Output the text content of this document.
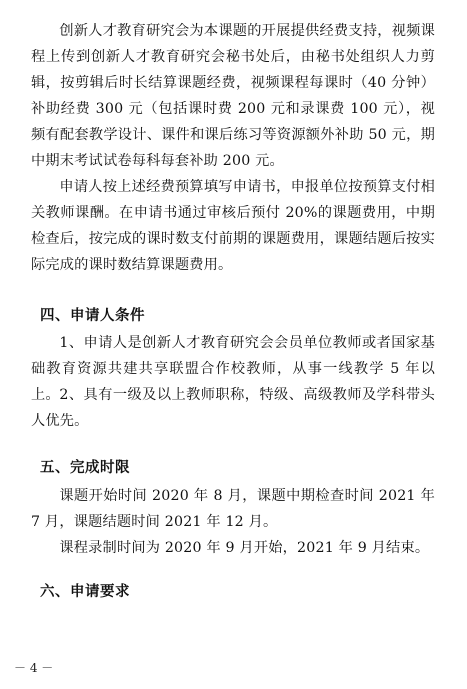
创新人才教育研究会为本课题的开展提供经费支持，视频课程上传到创新人才教育研究会秘书处后，由秘书处组织人力剪辑，按剪辑后时长结算课题经费，视频课程每课时（40 分钟）补助经费 300 元（包括课时费 200 元和录课费 100 元），视频有配套教学设计、课件和课后练习等资源额外补助 50 元，期中期末考试试卷每科每套补助 200 元。

申请人按上述经费预算填写申请书，申报单位按预算支付相关教师课酬。在申请书通过审核后预付 20%的课题费用，中期检查后，按完成的课时数支付前期的课题费用，课题结题后按实际完成的课时数结算课题费用。

四、申请人条件

1、申请人是创新人才教育研究会会员单位教师或者国家基础教育资源共建共享联盟合作校教师，从事一线教学 5 年以上。 2、具有一级及以上教师职称，特级、高级教师及学科带头人优先。

五、完成时限

课题开始时间 2020 年 8 月，课题中期检查时间 2021 年 7 月，课题结题时间 2021 年 12 月。

课程录制时间为 2020 年 9 月开始，2021 年 9 月结束。

六、申请要求
－ 4 －
